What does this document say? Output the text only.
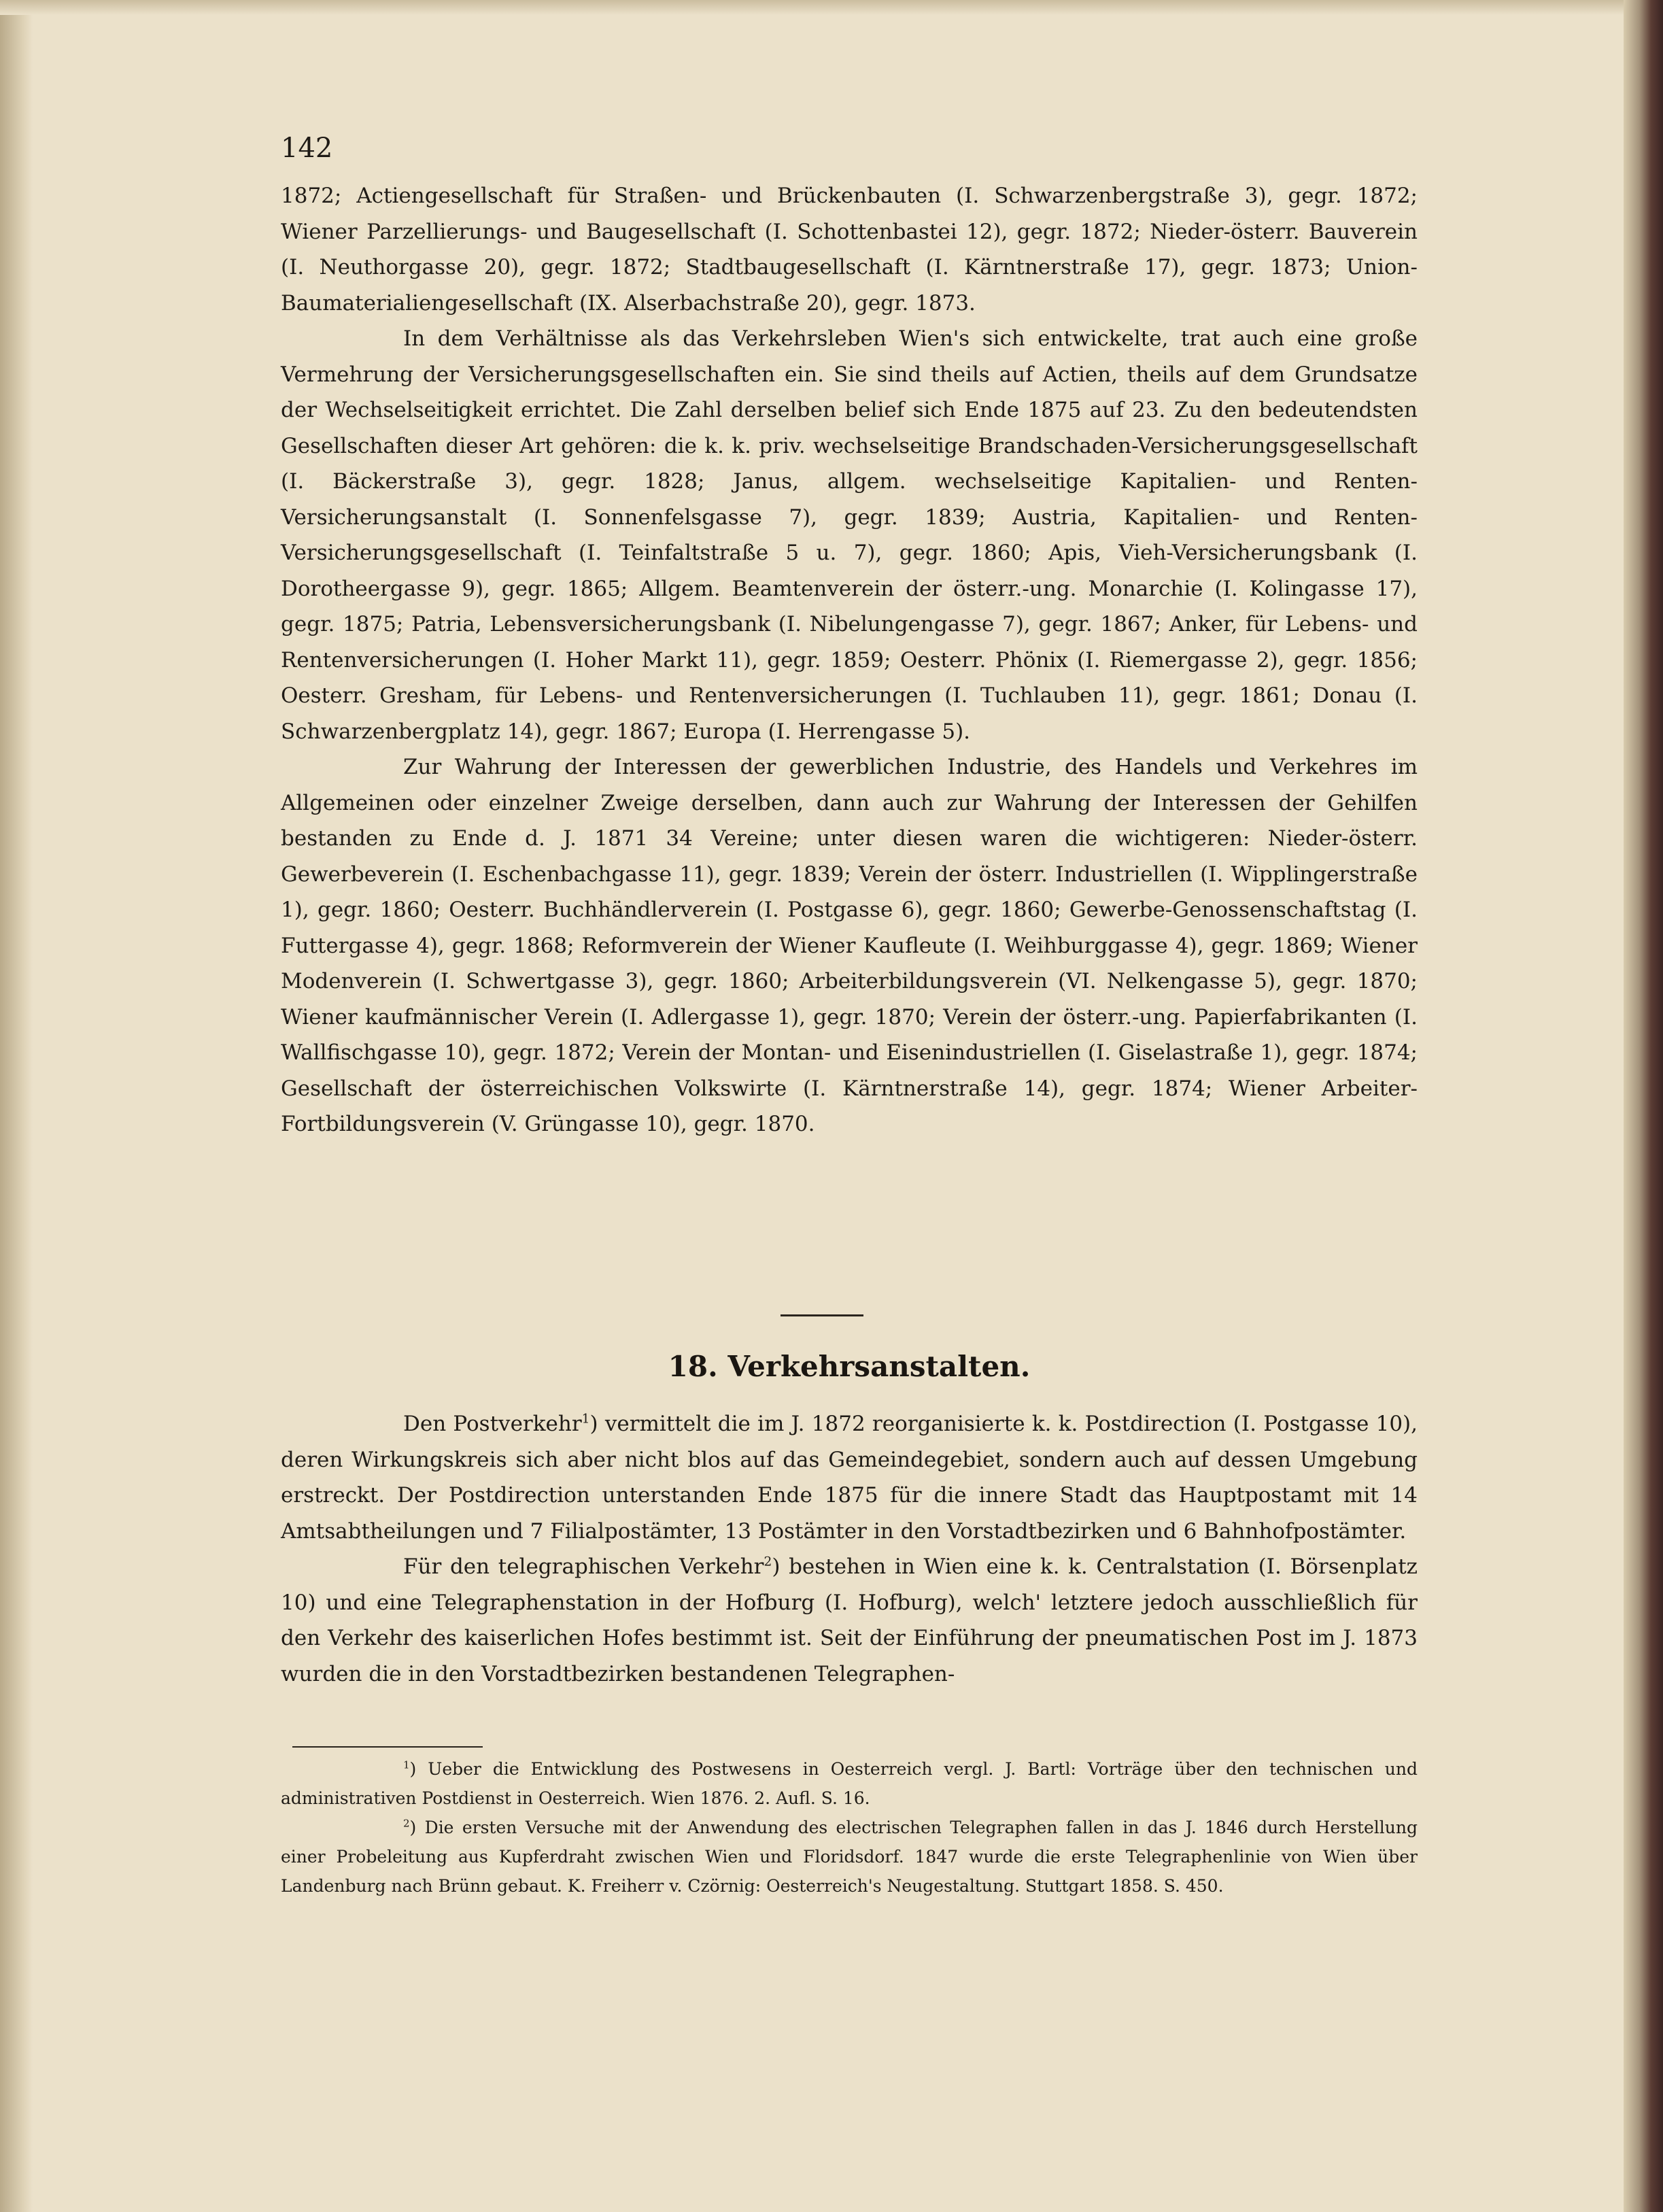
142

1872; Actiengesellschaft für Straßen- und Brückenbauten (I. Schwarzenbergstraße 3), gegr. 1872; Wiener Parzellierungs- und Baugesellschaft (I. Schottenbastei 12), gegr. 1872; Nieder-österr. Bauverein (I. Neuthorgasse 20), gegr. 1872; Stadtbaugesellschaft (I. Kärntnerstraße 17), gegr. 1873; Union-Baumaterialiengesellschaft (IX. Alserbachstraße 20), gegr. 1873.

In dem Verhältnisse als das Verkehrsleben Wien's sich entwickelte, trat auch eine große Vermehrung der Versicherungsgesellschaften ein. Sie sind theils auf Actien, theils auf dem Grundsatze der Wechselseitigkeit errichtet. Die Zahl derselben belief sich Ende 1875 auf 23. Zu den bedeutendsten Gesellschaften dieser Art gehören: die k. k. priv. wechselseitige Brandschaden-Versicherungsgesellschaft (I. Bäckerstraße 3), gegr. 1828; Janus, allgem. wechselseitige Kapitalien- und Renten-Versicherungsanstalt (I. Sonnenfelsgasse 7), gegr. 1839; Austria, Kapitalien- und Renten-Versicherungsgesellschaft (I. Teinfaltstraße 5 u. 7), gegr. 1860; Apis, Vieh-Versicherungsbank (I. Dorotheergasse 9), gegr. 1865; Allgem. Beamtenverein der österr.-ung. Monarchie (I. Kolingasse 17), gegr. 1875; Patria, Lebensversicherungsbank (I. Nibelungengasse 7), gegr. 1867; Anker, für Lebens- und Rentenversicherungen (I. Hoher Markt 11), gegr. 1859; Oesterr. Phönix (I. Riemergasse 2), gegr. 1856; Oesterr. Gresham, für Lebens- und Rentenversicherungen (I. Tuchlauben 11), gegr. 1861; Donau (I. Schwarzenbergplatz 14), gegr. 1867; Europa (I. Herrengasse 5).

Zur Wahrung der Interessen der gewerblichen Industrie, des Handels und Verkehres im Allgemeinen oder einzelner Zweige derselben, dann auch zur Wahrung der Interessen der Gehilfen bestanden zu Ende d. J. 1871 34 Vereine; unter diesen waren die wichtigeren: Nieder-österr. Gewerbeverein (I. Eschenbachgasse 11), gegr. 1839; Verein der österr. Industriellen (I. Wipplingerstraße 1), gegr. 1860; Oesterr. Buchhändlerverein (I. Postgasse 6), gegr. 1860; Gewerbe-Genossenschaftstag (I. Futtergasse 4), gegr. 1868; Reformverein der Wiener Kaufleute (I. Weihburggasse 4), gegr. 1869; Wiener Modenverein (I. Schwertgasse 3), gegr. 1860; Arbeiterbildungsverein (VI. Nelkengasse 5), gegr. 1870; Wiener kaufmännischer Verein (I. Adlergasse 1), gegr. 1870; Verein der österr.-ung. Papierfabrikanten (I. Wallfischgasse 10), gegr. 1872; Verein der Montan- und Eisenindustriellen (I. Giselastraße 1), gegr. 1874; Gesellschaft der österreichischen Volkswirte (I. Kärntnerstraße 14), gegr. 1874; Wiener Arbeiter-Fortbildungsverein (V. Grüngasse 10), gegr. 1870.

18. Verkehrsanstalten.

Den Postverkehr$^1$) vermittelt die im J. 1872 reorganisierte k. k. Postdirection (I. Postgasse 10), deren Wirkungskreis sich aber nicht blos auf das Gemeindegebiet, sondern auch auf dessen Umgebung erstreckt. Der Postdirection unterstanden Ende 1875 für die innere Stadt das Hauptpostamt mit 14 Amtsabtheilungen und 7 Filialpostämter, 13 Postämter in den Vorstadtbezirken und 6 Bahnhofpostämter.

Für den telegraphischen Verkehr$^2$) bestehen in Wien eine k. k. Centralstation (I. Börsenplatz 10) und eine Telegraphenstation in der Hofburg (I. Hofburg), welch' letztere jedoch ausschließlich für den Verkehr des kaiserlichen Hofes bestimmt ist. Seit der Einführung der pneumatischen Post im J. 1873 wurden die in den Vorstadtbezirken bestandenen Telegraphen-

$^1$) Ueber die Entwicklung des Postwesens in Oesterreich vergl. J. Bartl: Vorträge über den technischen und administrativen Postdienst in Oesterreich. Wien 1876. 2. Aufl. S. 16.

$^2$) Die ersten Versuche mit der Anwendung des electrischen Telegraphen fallen in das J. 1846 durch Herstellung einer Probeleitung aus Kupferdraht zwischen Wien und Floridsdorf. 1847 wurde die erste Telegraphenlinie von Wien über Landenburg nach Brünn gebaut. K. Freiherr v. Czörnig: Oesterreich's Neugestaltung. Stuttgart 1858. S. 450.
